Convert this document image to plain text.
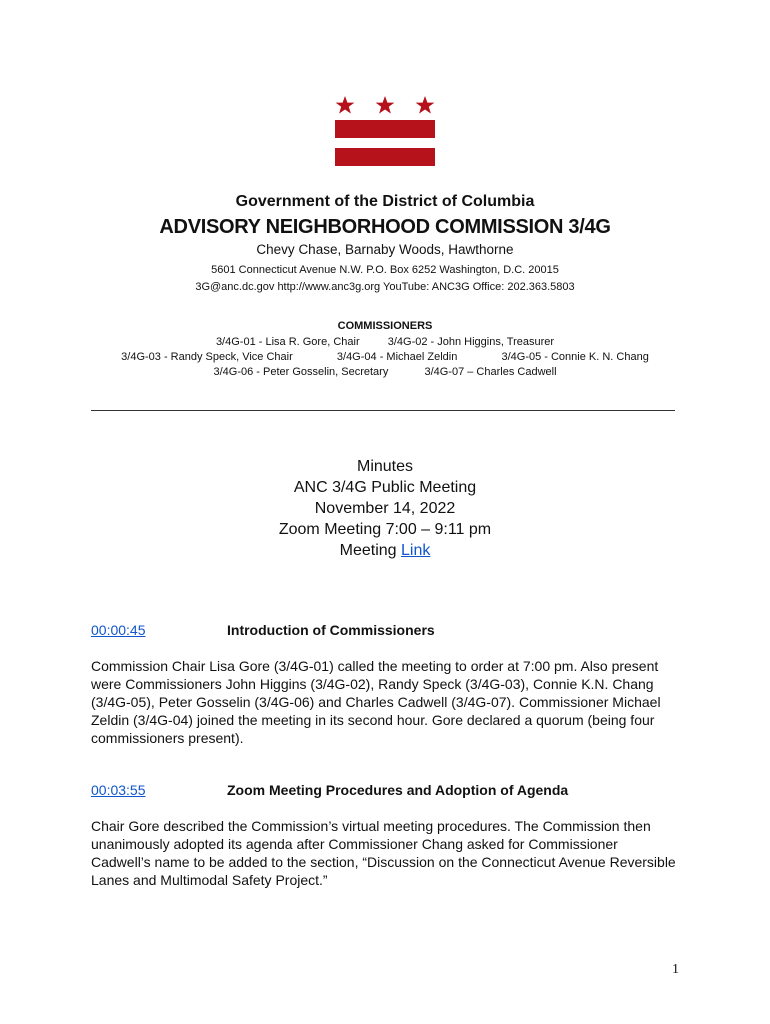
Government of the District of Columbia
ADVISORY NEIGHBORHOOD COMMISSION 3/4G
Chevy Chase, Barnaby Woods, Hawthorne
5601 Connecticut Avenue N.W. P.O. Box 6252 Washington, D.C. 20015
3G@anc.dc.gov http://www.anc3g.org YouTube: ANC3G Office: 202.363.5803
COMMISSIONERS
3/4G-01 - Lisa R. Gore, Chair	3/4G-02 - John Higgins, Treasurer
3/4G-03 - Randy Speck, Vice Chair	3/4G-04 - Michael Zeldin	3/4G-05 - Connie K. N. Chang
3/4G-06 - Peter Gosselin, Secretary	3/4G-07 – Charles Cadwell
Minutes
ANC 3/4G Public Meeting
November 14, 2022
Zoom Meeting 7:00 – 9:11 pm
Meeting Link
00:00:45	Introduction of Commissioners

Commission Chair Lisa Gore (3/4G-01) called the meeting to order at 7:00 pm. Also present were Commissioners John Higgins (3/4G-02), Randy Speck (3/4G-03), Connie K.N. Chang (3/4G-05), Peter Gosselin (3/4G-06) and Charles Cadwell (3/4G-07). Commissioner Michael Zeldin (3/4G-04) joined the meeting in its second hour. Gore declared a quorum (being four commissioners present).

00:03:55	Zoom Meeting Procedures and Adoption of Agenda

Chair Gore described the Commission’s virtual meeting procedures. The Commission then unanimously adopted its agenda after Commissioner Chang asked for Commissioner Cadwell’s name to be added to the section, “Discussion on the Connecticut Avenue Reversible Lanes and Multimodal Safety Project.”

1
